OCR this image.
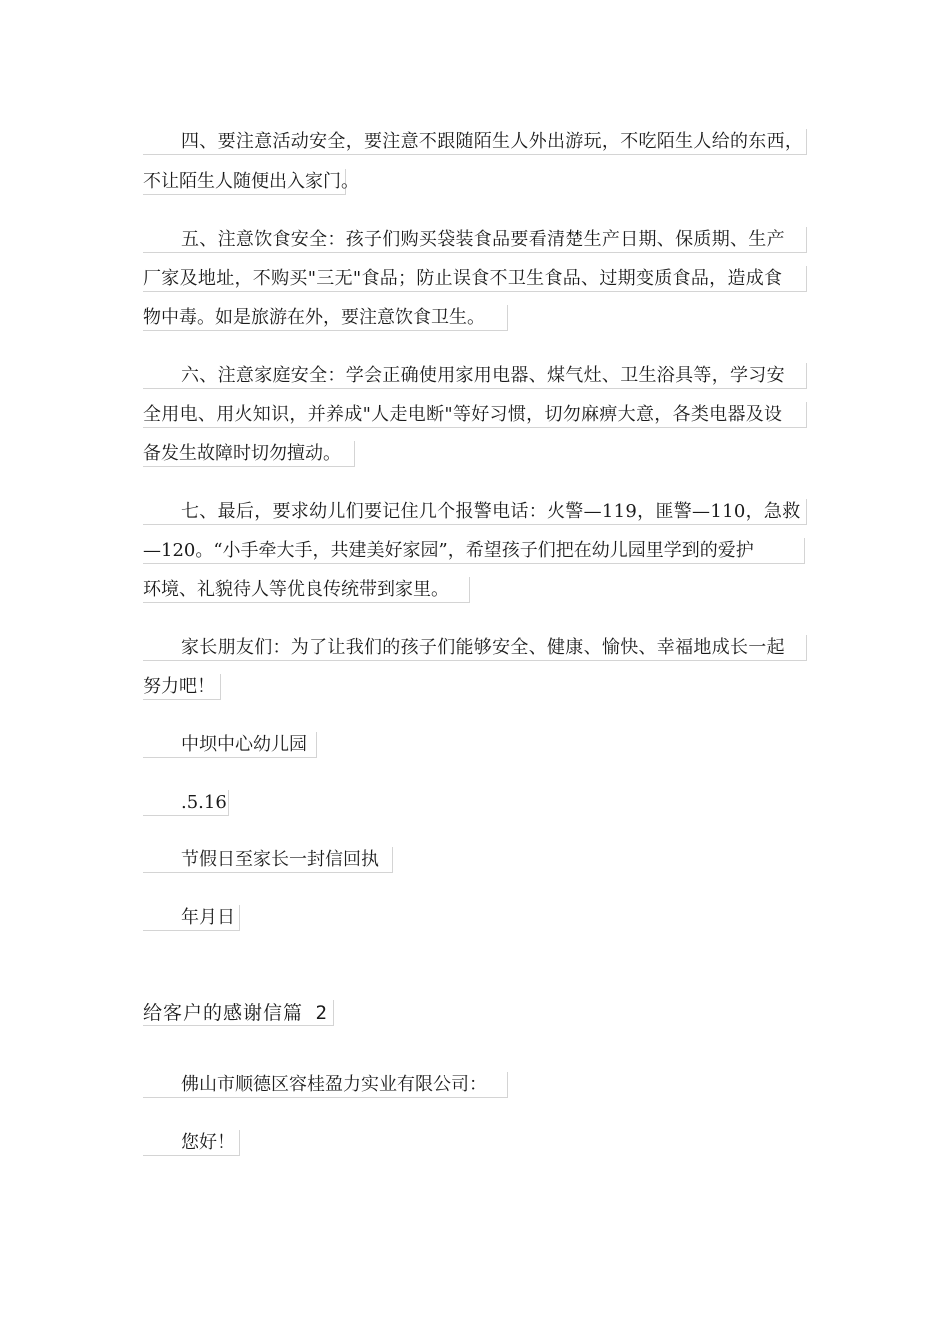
四、要注意活动安全，要注意不跟随陌生人外出游玩，不吃陌生人给的东西，
不让陌生人随便出入家门。
五、注意饮食安全：孩子们购买袋装食品要看清楚生产日期、保质期、生产
厂家及地址，不购买"三无"食品；防止误食不卫生食品、过期变质食品，造成食
物中毒。如是旅游在外，要注意饮食卫生。
六、注意家庭安全：学会正确使用家用电器、煤气灶、卫生浴具等，学习安
全用电、用火知识，并养成"人走电断"等好习惯，切勿麻痹大意，各类电器及设
备发生故障时切勿擅动。
七、最后，要求幼儿们要记住几个报警电话：火警—119，匪警—110，急救
—120。“小手牵大手，共建美好家园”，希望孩子们把在幼儿园里学到的爱护
环境、礼貌待人等优良传统带到家里。
家长朋友们：为了让我们的孩子们能够安全、健康、愉快、幸福地成长一起
努力吧！
中坝中心幼儿园
.5.16
节假日至家长一封信回执
年月日
给客户的感谢信篇 2
佛山市顺德区容桂盈力实业有限公司：
您好！
